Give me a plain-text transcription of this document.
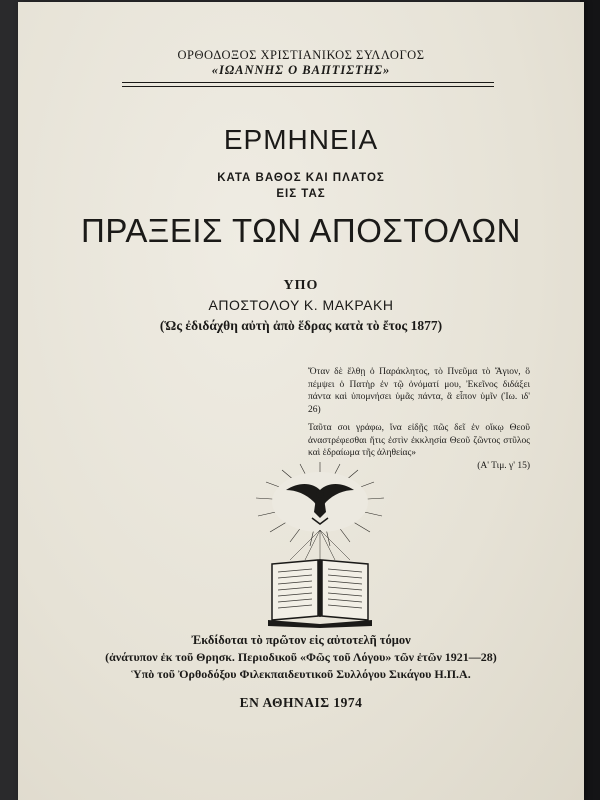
ΟΡΘΟΔΟΞΟΣ ΧΡΙΣΤΙΑΝΙΚΟΣ ΣΥΛΛΟΓΟΣ
«ΙΩΑΝΝΗΣ Ο ΒΑΠΤΙΣΤΗΣ»
ΕΡΜΗΝΕΙΑ
ΚΑΤΑ ΒΑΘΟΣ ΚΑΙ ΠΛΑΤΟΣ
ΕΙΣ ΤΑΣ
ΠΡΑΞΕΙΣ ΤΩΝ ΑΠΟΣΤΟΛΩΝ
ΥΠΟ
ΑΠΟΣΤΟΛΟΥ Κ. ΜΑΚΡΑΚΗ
(Ὡς ἐδιδάχθη αὐτὴ ἀπὸ ἕδρας κατὰ τὸ ἔτος 1877)
Ὅταν δὲ ἔλθῃ ὁ Παράκλητος, τὸ Πνεῦμα τὸ Ἅγιον, ὃ πέμψει ὁ Πατὴρ ἐν τῷ ὀνόματί μου, Ἐκεῖνος διδάξει πάντα καὶ ὑπομνήσει ὑμᾶς πάντα, ἃ εἶπον ὑμῖν (Ἰω. ιδ' 26)
Ταῦτα σοι γράφω, ἵνα εἰδῇς πῶς δεῖ ἐν οἴκῳ Θεοῦ ἀναστρέφεσθαι ἥτις ἐστὶν ἐκκλησία Θεοῦ ζῶντος στῦλος καὶ ἑδραίωμα τῆς ἀληθείας»
(Α' Τιμ. γ' 15)
Ἐκδίδοται τὸ πρῶτον εἰς αὐτοτελῆ τόμον
(ἀνάτυπον ἐκ τοῦ Θρησκ. Περιοδικοῦ «Φῶς τοῦ Λόγου» τῶν ἐτῶν 1921—28)
Ὑπὸ τοῦ Ὀρθοδόξου Φιλεκπαιδευτικοῦ Συλλόγου Σικάγου Η.Π.Α.
ΕΝ ΑΘΗΝΑΙΣ 1974
